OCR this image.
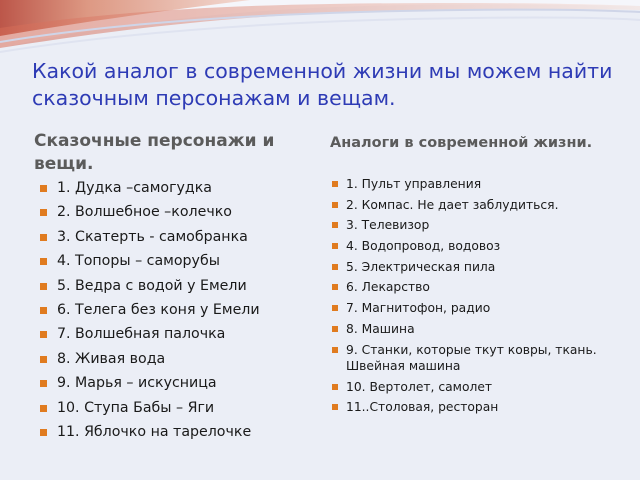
Какой аналог в современной жизни мы можем найти сказочным персонажам и вещам.
Сказочные персонажи и вещи.
Аналоги в современной жизни.
1. Дудка –самогудка
2. Волшебное –колечко
3. Скатерть - самобранка
4. Топоры – саморубы
5. Ведра с водой у Емели
6. Телега без коня у Емели
7. Волшебная палочка
8. Живая вода
9. Марья – искусница
10. Ступа Бабы – Яги
11. Яблочко на тарелочке
1. Пульт управления
2. Компас. Не дает заблудиться.
3. Телевизор
4. Водопровод, водовоз
5. Электрическая пила
6. Лекарство
7. Магнитофон, радио
8. Машина
9. Станки, которые ткут ковры, ткань. Швейная машина
10. Вертолет, самолет
11..Столовая, ресторан
